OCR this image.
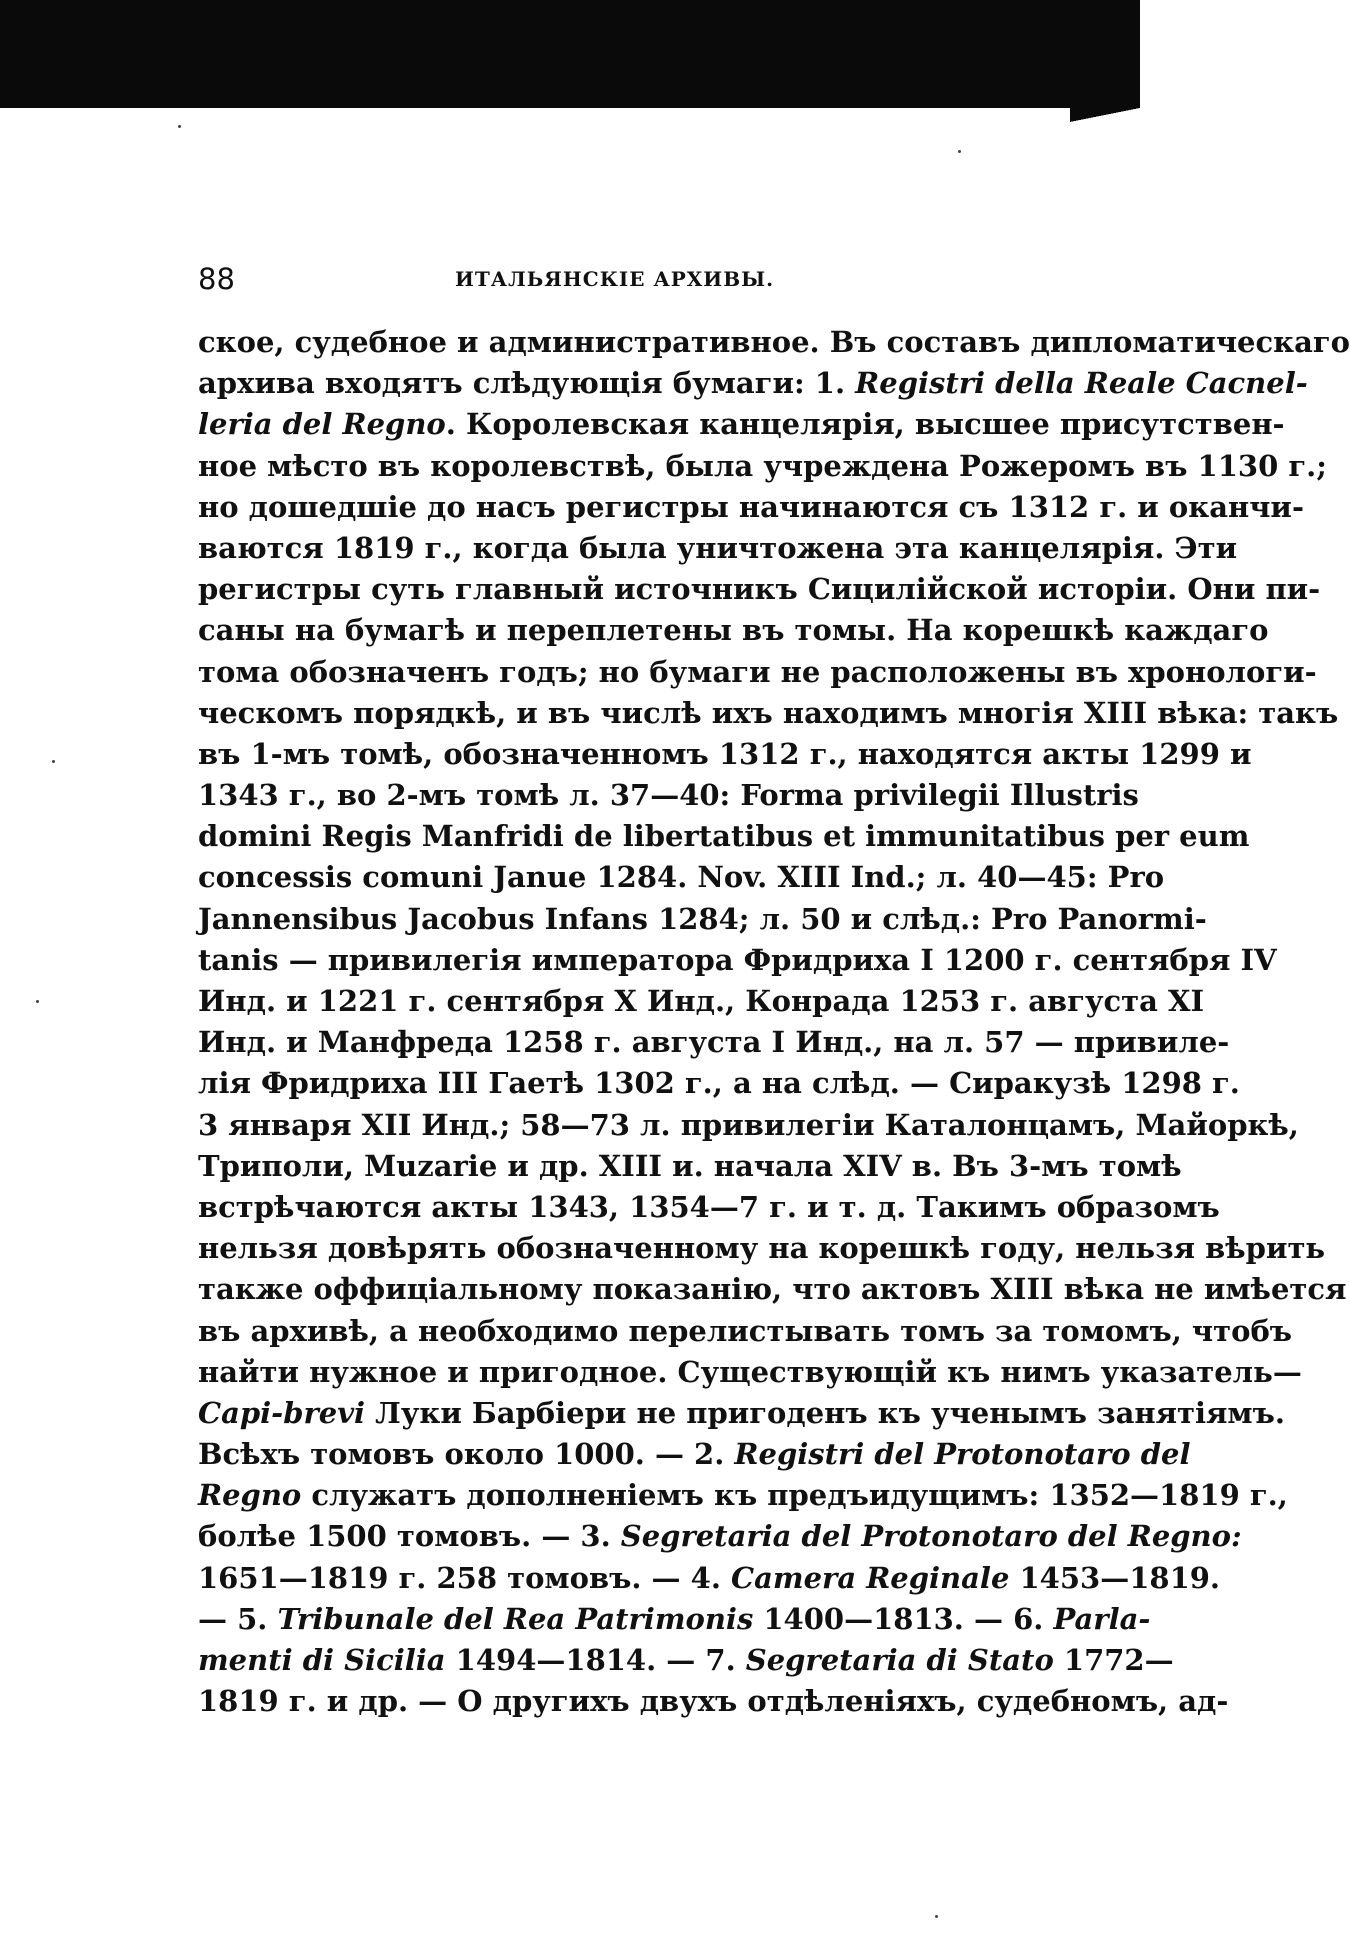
88	ИТАЛЬЯНСКІЕ АРХИВЫ.
ское, судебное и административное. Въ составъ дипломатическаго
архива входятъ слѣдующія бумаги: 1. Registri della Reale Cacnel-
leria del Regno. Королевская канцелярія, высшее присутствен-
ное мѣсто въ королевствѣ, была учреждена Рожеромъ въ 1130 г.;
но дошедшіе до насъ регистры начинаются съ 1312 г. и оканчи-
ваются 1819 г., когда была уничтожена эта канцелярія. Эти
регистры суть главный источникъ Сицилійской исторіи. Они пи-
саны на бумагѣ и переплетены въ томы. На корешкѣ каждаго
тома обозначенъ годъ; но бумаги не расположены въ хронологи-
ческомъ порядкѣ, и въ числѣ ихъ находимъ многія XIII вѣка: такъ
въ 1-мъ томѣ, обозначенномъ 1312 г., находятся акты 1299 и
1343 г., во 2-мъ томѣ л. 37—40: Forma privilegii Illustris
domini Regis Manfridi de libertatibus et immunitatibus per eum
concessis comuni Janue 1284. Nov. XIII Ind.; л. 40—45: Pro
Jannensibus Jacobus Infans 1284; л. 50 и слѣд.: Pro Panormi-
tanis — привилегія императора Фридриха I 1200 г. сентября IV
Инд. и 1221 г. сентября X Инд., Конрада 1253 г. августа XI
Инд. и Манфреда 1258 г. августа I Инд., на л. 57 — привиле-
лія Фридриха III Гаетѣ 1302 г., а на слѣд. — Сиракузѣ 1298 г.
3 января XII Инд.; 58—73 л. привилегіи Каталонцамъ, Майоркѣ,
Триполи, Muzarie и др. XIII и. начала XIV в. Въ 3-мъ томѣ
встрѣчаются акты 1343, 1354—7 г. и т. д. Такимъ образомъ
нельзя довѣрять обозначенному на корешкѣ году, нельзя вѣрить
также оффиціальному показанію, что актовъ XIII вѣка не имѣется
въ архивѣ, а необходимо перелистывать томъ за томомъ, чтобъ
найти нужное и пригодное. Существующій къ нимъ указатель—
Capi-brevi Луки Барбіери не пригоденъ къ ученымъ занятіямъ.
Всѣхъ томовъ около 1000. — 2. Registri del Protonotaro del
Regno служатъ дополненіемъ къ предъидущимъ: 1352—1819 г.,
болѣе 1500 томовъ. — 3. Segretaria del Protonotaro del Regno:
1651—1819 г. 258 томовъ. — 4. Camera Reginale 1453—1819.
— 5. Tribunale del Rea Patrimonis 1400—1813. — 6. Parla-
menti di Sicilia 1494—1814. — 7. Segretaria di Stato 1772—
1819 г. и др. — О другихъ двухъ отдѣленіяхъ, судебномъ, ад-
